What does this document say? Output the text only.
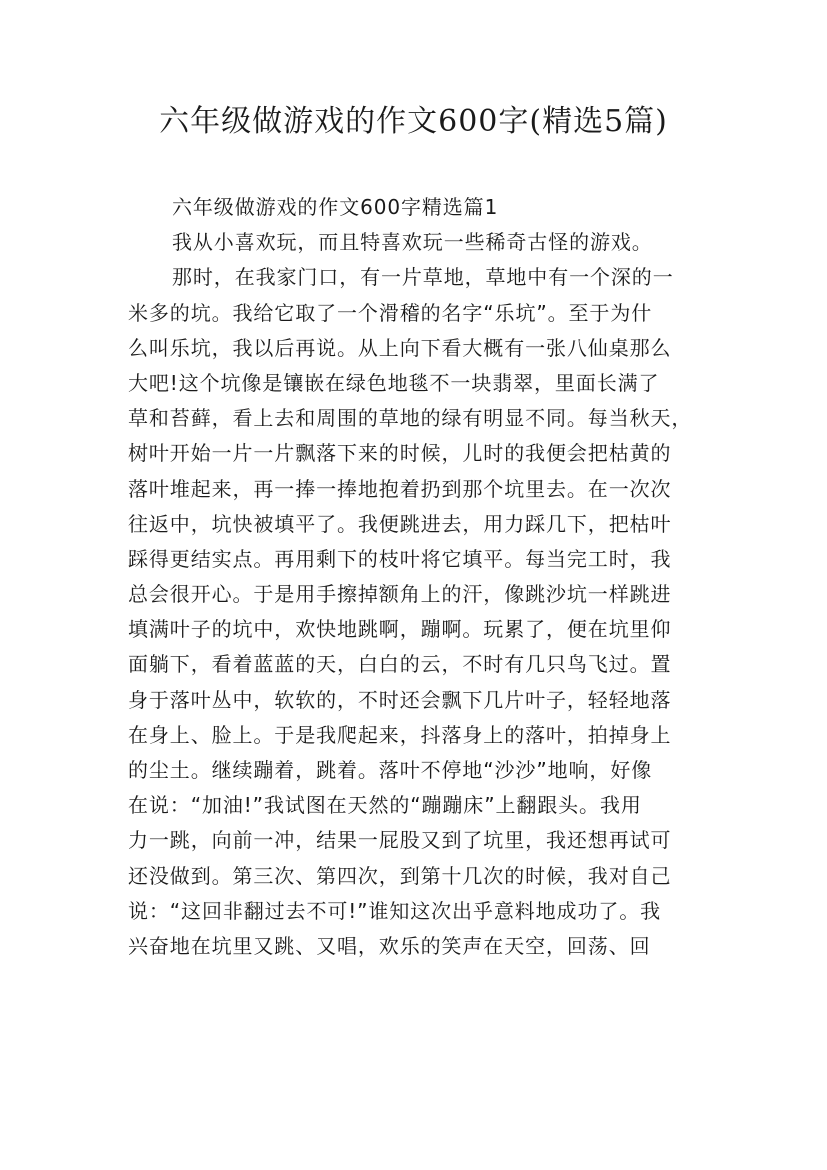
六年级做游戏的作文600字(精选5篇)
六年级做游戏的作文600字精选篇1
我从小喜欢玩，而且特喜欢玩一些稀奇古怪的游戏。
那时，在我家门口，有一片草地，草地中有一个深的一
米多的坑。我给它取了一个滑稽的名字“乐坑”。至于为什
么叫乐坑，我以后再说。从上向下看大概有一张八仙桌那么
大吧!这个坑像是镶嵌在绿色地毯不一块翡翠，里面长满了
草和苔藓，看上去和周围的草地的绿有明显不同。每当秋天，
树叶开始一片一片飘落下来的时候，儿时的我便会把枯黄的
落叶堆起来，再一捧一捧地抱着扔到那个坑里去。在一次次
往返中，坑快被填平了。我便跳进去，用力踩几下，把枯叶
踩得更结实点。再用剩下的枝叶将它填平。每当完工时，我
总会很开心。于是用手擦掉额角上的汗，像跳沙坑一样跳进
填满叶子的坑中，欢快地跳啊，蹦啊。玩累了，便在坑里仰
面躺下，看着蓝蓝的天，白白的云，不时有几只鸟飞过。置
身于落叶丛中，软软的，不时还会飘下几片叶子，轻轻地落
在身上、脸上。于是我爬起来，抖落身上的落叶，拍掉身上
的尘土。继续蹦着，跳着。落叶不停地“沙沙”地响，好像
在说：“加油!”我试图在天然的“蹦蹦床”上翻跟头。我用
力一跳，向前一冲，结果一屁股又到了坑里，我还想再试可
还没做到。第三次、第四次，到第十几次的时候，我对自己
说：“这回非翻过去不可!”谁知这次出乎意料地成功了。我
兴奋地在坑里又跳、又唱，欢乐的笑声在天空，回荡、回
